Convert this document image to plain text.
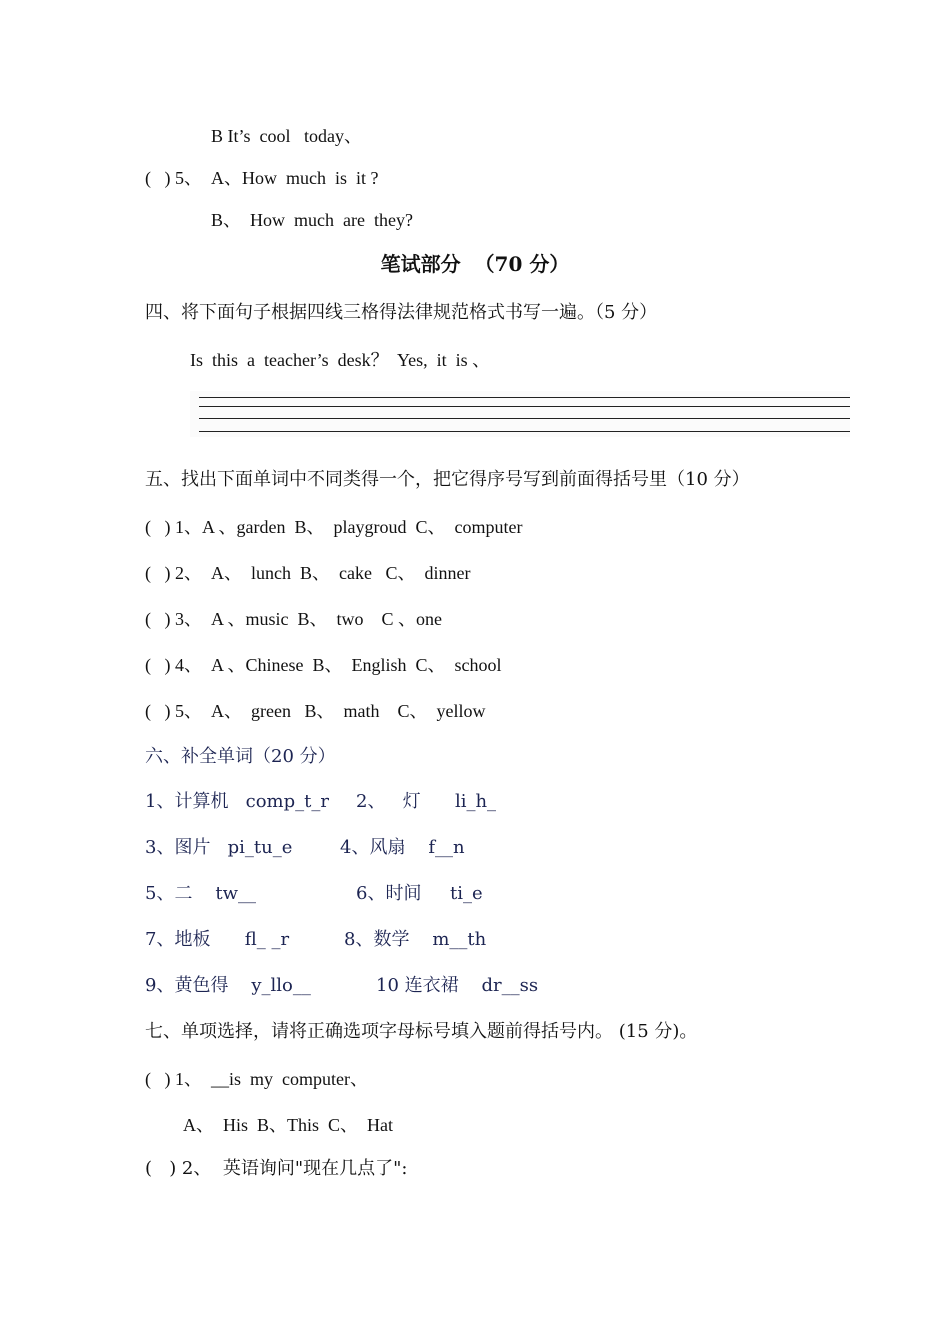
B It’s  cool   today、
(   ) 5、  A、How  much  is  it ?
B、  How  much  are  they?
笔试部分  （70 分）
四、将下面句子根据四线三格得法律规范格式书写一遍。（5 分）
Is  this  a  teacher’s  desk？  Yes,  it  is 、
五、找出下面单词中不同类得一个，把它得序号写到前面得括号里（10 分）
(   ) 1、A 、garden  B、  playgroud  C、  computer
(   ) 2、  A、  lunch  B、  cake   C、  dinner
(   ) 3、  A 、music  B、  two    C 、one
(   ) 4、  A 、Chinese  B、  English  C、  school
(   ) 5、  A、  green   B、  math    C、  yellow
六、补全单词（20 分）
1、计算机   comp_t_r 2、   灯      li_h_
3、图片   pi_tu_e	4、风扇    f__n
5、二    tw__	6、时间     ti_e
7、地板      fl_ _r	8、数学    m__th
9、黄色得    y_llo__	10 连衣裙    dr__ss
七、单项选择，请将正确选项字母标号填入题前得括号内。 (15 分)。
(   ) 1、  __is  my  computer、
A、  His  B、This  C、  Hat
(   ) 2、  英语询问"现在几点了":
